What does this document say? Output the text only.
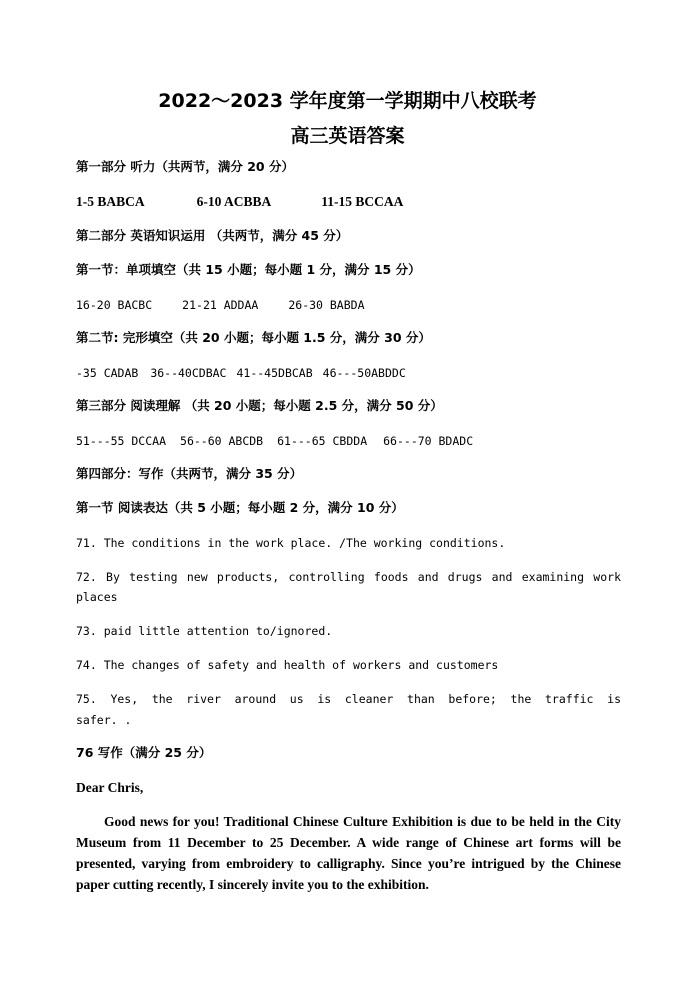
2022～2023 学年度第一学期期中八校联考
高三英语答案
第一部分 听力（共两节，满分 20 分）
1-5 BABCA	6-10 ACBBA	11-15 BCCAA
第二部分 英语知识运用 （共两节，满分 45 分）
第一节：单项填空（共 15 小题；每小题 1 分，满分 15 分）
16-20 BACBC	21-21 ADDAA	26-30 BABDA
第二节: 完形填空（共 20 小题；每小题 1.5 分，满分 30 分）
-35 CADAB 36--40CDBAC 41--45DBCAB 46---50ABDDC
第三部分 阅读理解 （共 20 小题；每小题 2.5 分，满分 50 分）
51---55 DCCAA 56--60 ABCDB 61---65 CBDDA 66---70 BDADC
第四部分：写作（共两节，满分 35 分）
第一节 阅读表达（共 5 小题；每小题 2 分，满分 10 分）
71. The conditions in the work place. /The working conditions.
72. By testing new products, controlling foods and drugs and examining work
places
73. paid little attention to/ignored.
74. The changes of safety and health of workers and customers
75. Yes, the river around us is cleaner than before; the traffic is
safer. .
76 写作（满分 25 分）
Dear Chris,
Good news for you! Traditional Chinese Culture Exhibition is due to be held in the City Museum from 11 December to 25 December. A wide range of Chinese art forms will be presented, varying from embroidery to calligraphy. Since you’re intrigued by the Chinese paper cutting recently, I sincerely invite you to the exhibition.
